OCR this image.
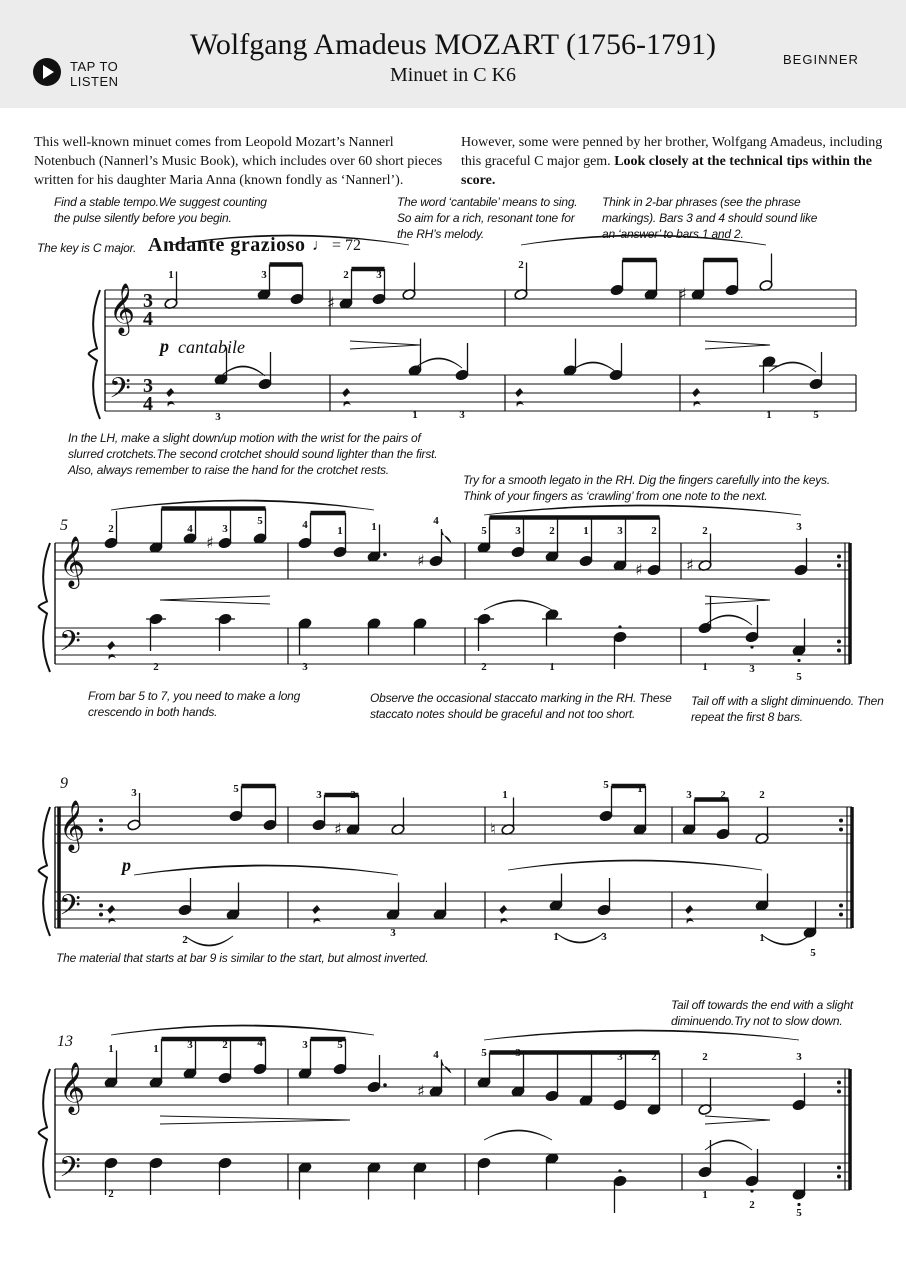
TAP TO
LISTEN
Wolfgang Amadeus MOZART (1756-1791)
Minuet in C K6
BEGINNER
This well-known minuet comes from Leopold Mozart’s Nannerl Notenbuch (Nannerl’s Music Book), which includes over 60 short pieces written for his daughter Maria Anna (known fondly as ‘Nannerl’).
However, some were penned by her brother, Wolfgang Amadeus, including this graceful C major gem. Look closely at the technical tips within the score.
Find a stable tempo.We suggest counting the pulse silently before you begin.
The key is C major.
The word ‘cantabile’ means to sing. So aim for a rich, resonant tone for the RH’s melody.
Think in 2-bar phrases (see the phrase markings). Bars 3 and 4 should sound like an ‘answer’ to bars 1 and 2.
In the LH, make a slight down/up motion with the wrist for the pairs of slurred crotchets.The second crotchet should sound lighter than the first. Also, always remember to raise the hand for the crotchet rests.
Try for a smooth legato in the RH. Dig the fingers carefully into the keys. Think of your fingers as ‘crawling’ from one note to the next.
From bar 5 to 7, you need to make a long crescendo in both hands.
Observe the occasional staccato marking in the RH. These staccato notes should be graceful and not too short.
Tail off with a slight diminuendo. Then repeat the first 8 bars.
The material that starts at bar 9 is similar to the start, but almost inverted.
Tail off towards the end with a slight diminuendo.Try not to slow down.
Andante grazioso ♩ = 72
p cantabile
p
5
9
13
𝄞
𝄢
3
4
3
4
♯	♯
1	3	2	3
2
3	1	3	1	5
𝄞
𝄢
♯
♯	♯	♯
2	4	3
5	4	1	1	4
5	3	2	1	3	2	2	3
2	3	2	1	1	3
5
𝄞
𝄢
♯	♮
3	5	3	2	1
5	1	3	2	2
2
3	1	3	1
5
𝄞
𝄢
♯
1	1	3	2	4	3	5
4	5	3	3	2	2	3
2	1
2
5
